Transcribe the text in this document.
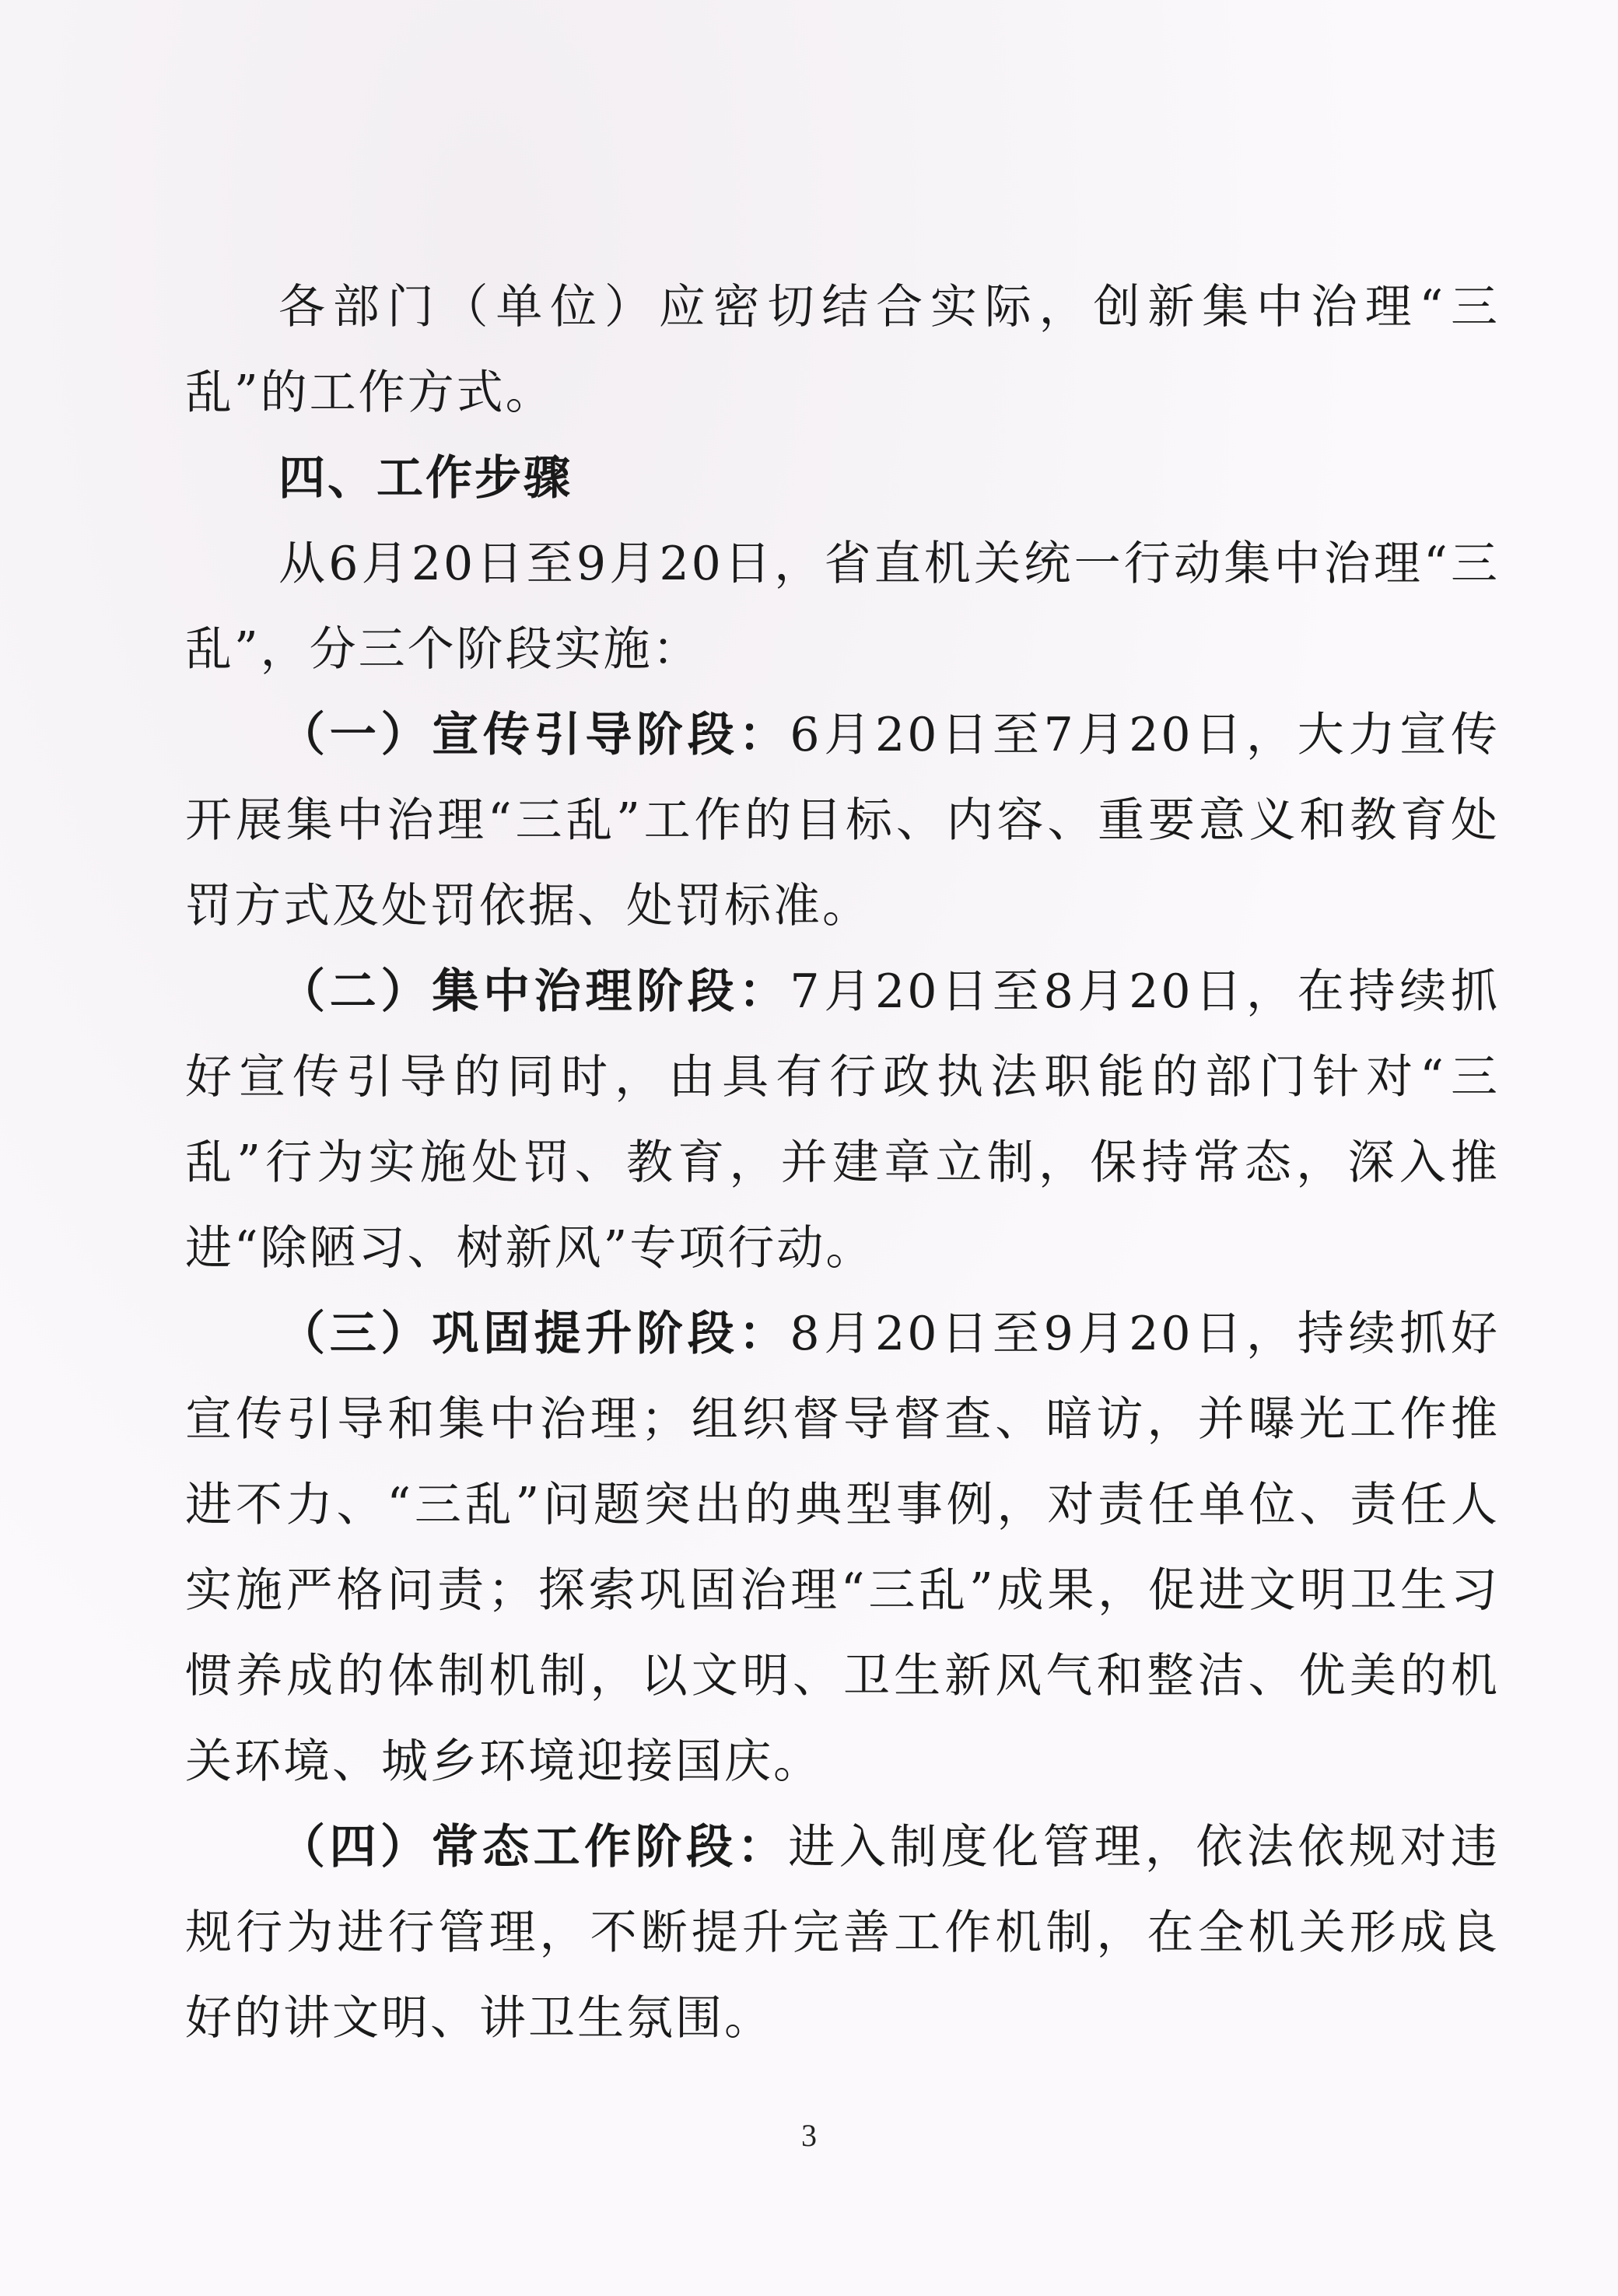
各部门（单位）应密切结合实际，创新集中治理“三乱”的工作方式。

四、工作步骤

从6月20日至9月20日，省直机关统一行动集中治理“三乱”，分三个阶段实施：

（一）宣传引导阶段：6月20日至7月20日，大力宣传开展集中治理“三乱”工作的目标、内容、重要意义和教育处罚方式及处罚依据、处罚标准。

（二）集中治理阶段：7月20日至8月20日，在持续抓好宣传引导的同时，由具有行政执法职能的部门针对“三乱”行为实施处罚、教育，并建章立制，保持常态，深入推进“除陋习、树新风”专项行动。

（三）巩固提升阶段：8月20日至9月20日，持续抓好宣传引导和集中治理；组织督导督查、暗访，并曝光工作推进不力、“三乱”问题突出的典型事例，对责任单位、责任人实施严格问责；探索巩固治理“三乱”成果，促进文明卫生习惯养成的体制机制，以文明、卫生新风气和整洁、优美的机关环境、城乡环境迎接国庆。

（四）常态工作阶段：进入制度化管理，依法依规对违规行为进行管理，不断提升完善工作机制，在全机关形成良好的讲文明、讲卫生氛围。

3
